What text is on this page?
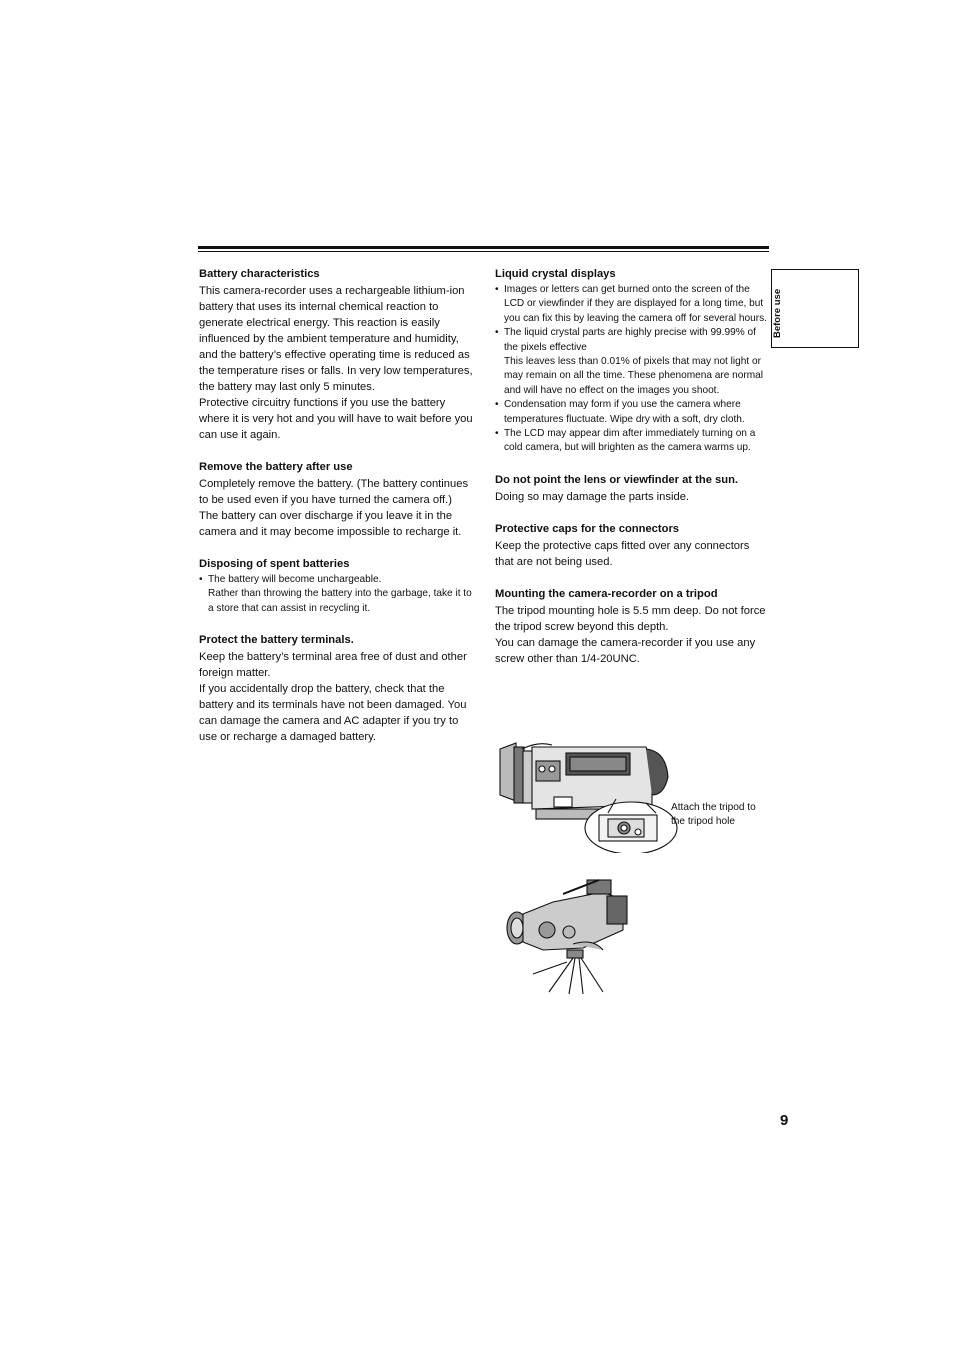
Battery characteristics

This camera-recorder uses a rechargeable lithium-ion battery that uses its internal chemical reaction to generate electrical energy. This reaction is easily influenced by the ambient temperature and humidity, and the battery’s effective operating time is reduced as the temperature rises or falls. In very low temperatures, the battery may last only 5 minutes.

Protective circuitry functions if you use the battery where it is very hot and you will have to wait before you can use it again.

Remove the battery after use

Completely remove the battery. (The battery continues to be used even if you have turned the camera off.) The battery can over discharge if you leave it in the camera and it may become impossible to recharge it.

Disposing of spent batteries
• The battery will become unchargeable.
Rather than throwing the battery into the garbage, take it to a store that can assist in recycling it.
Protect the battery terminals.

Keep the battery’s terminal area free of dust and other foreign matter.

If you accidentally drop the battery, check that the battery and its terminals have not been damaged. You can damage the camera and AC adapter if you try to use or recharge a damaged battery.

Liquid crystal displays
• Images or letters can get burned onto the screen of the LCD or viewfinder if they are displayed for a long time, but you can fix this by leaving the camera off for several hours.
• The liquid crystal parts are highly precise with 99.99% of the pixels effective
This leaves less than 0.01% of pixels that may not light or may remain on all the time. These phenomena are normal and will have no effect on the images you shoot.
• Condensation may form if you use the camera where temperatures fluctuate. Wipe dry with a soft, dry cloth.
• The LCD may appear dim after immediately turning on a cold camera, but will brighten as the camera warms up.
Do not point the lens or viewfinder at the sun.

Doing so may damage the parts inside.

Protective caps for the connectors

Keep the protective caps fitted over any connectors that are not being used.

Mounting the camera-recorder on a tripod

The tripod mounting hole is 5.5 mm deep. Do not force the tripod screw beyond this depth.

You can damage the camera-recorder if you use any screw other than 1/4-20UNC.

Before use
Attach the tripod to the tripod hole
9
